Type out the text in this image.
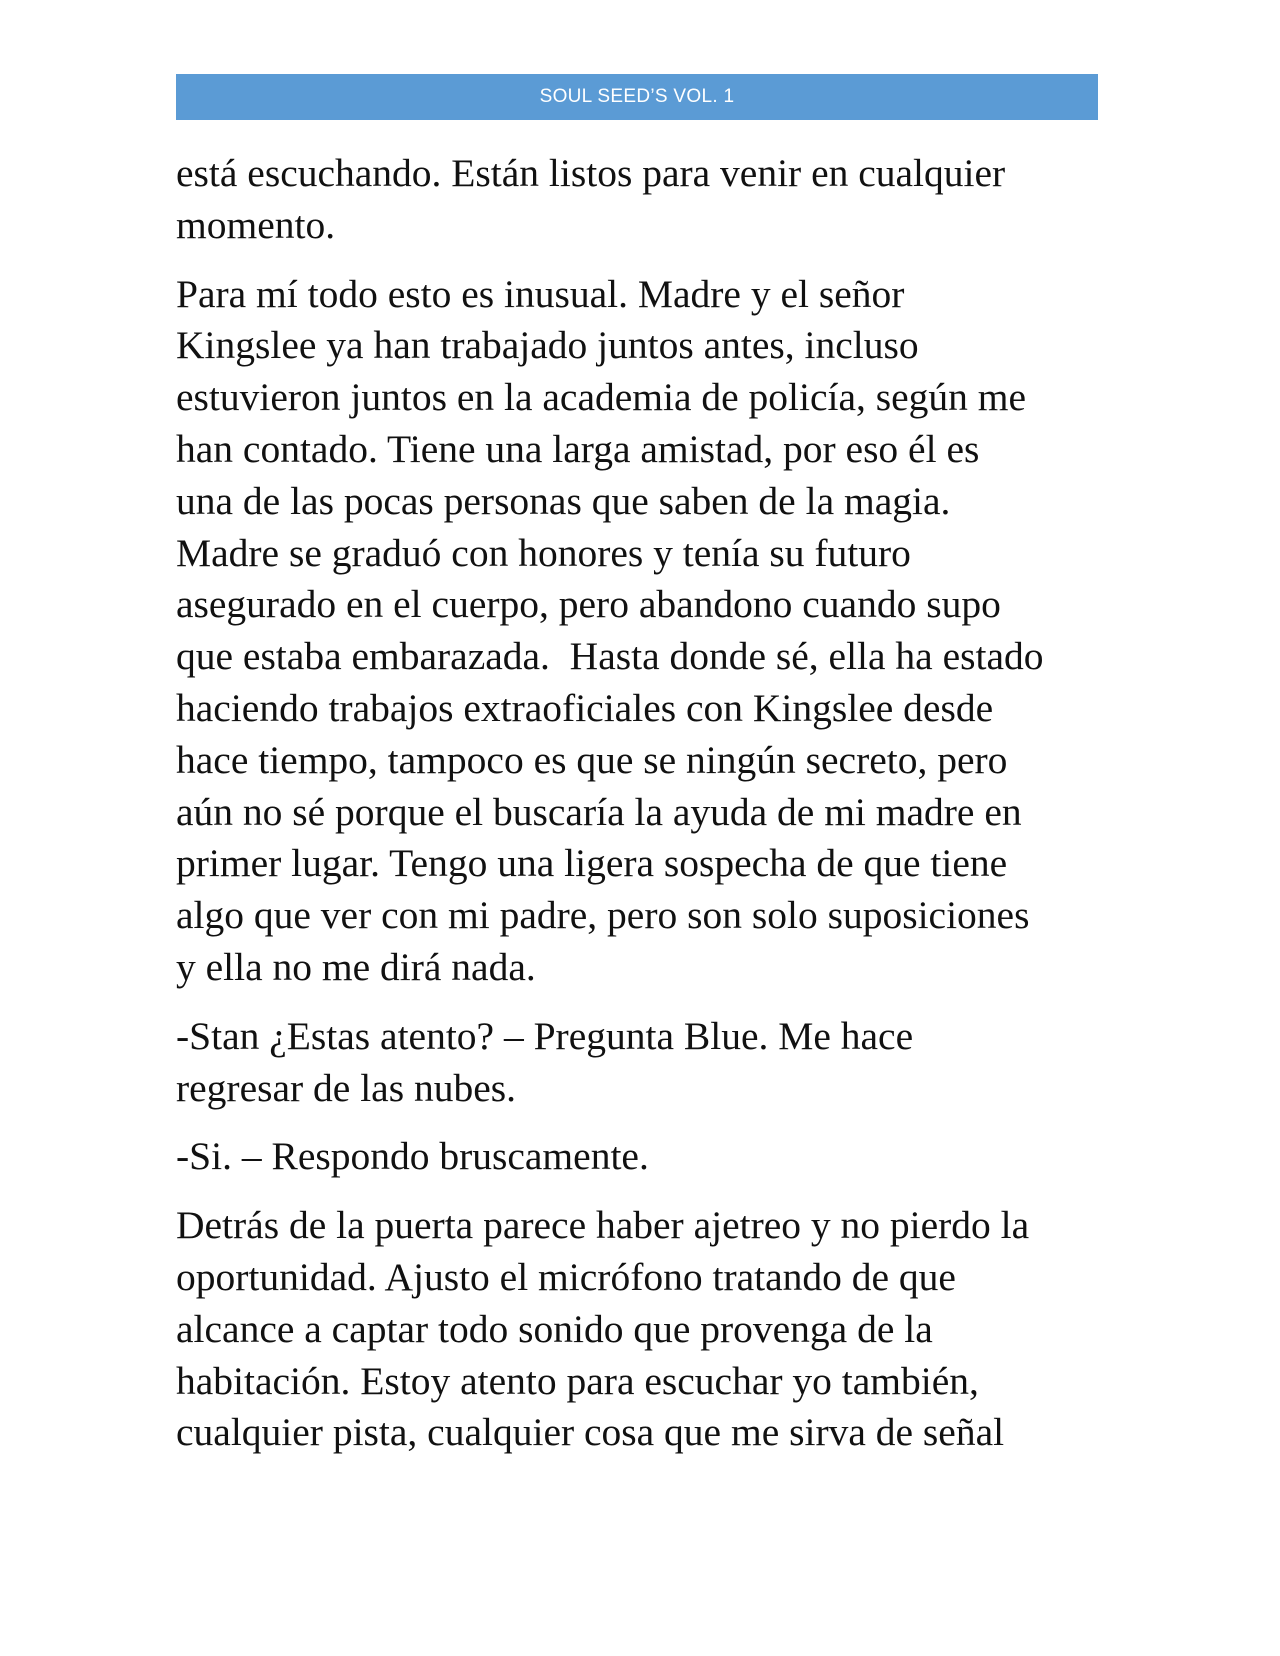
SOUL SEED’S VOL. 1

está escuchando. Están listos para venir en cualquier
momento.

Para mí todo esto es inusual. Madre y el señor
Kingslee ya han trabajado juntos antes, incluso
estuvieron juntos en la academia de policía, según me
han contado. Tiene una larga amistad, por eso él es
una de las pocas personas que saben de la magia.
Madre se graduó con honores y tenía su futuro
asegurado en el cuerpo, pero abandono cuando supo
que estaba embarazada.  Hasta donde sé, ella ha estado
haciendo trabajos extraoficiales con Kingslee desde
hace tiempo, tampoco es que se ningún secreto, pero
aún no sé porque el buscaría la ayuda de mi madre en
primer lugar. Tengo una ligera sospecha de que tiene
algo que ver con mi padre, pero son solo suposiciones
y ella no me dirá nada.

-Stan ¿Estas atento? – Pregunta Blue. Me hace
regresar de las nubes.

-Si. – Respondo bruscamente.

Detrás de la puerta parece haber ajetreo y no pierdo la
oportunidad. Ajusto el micrófono tratando de que
alcance a captar todo sonido que provenga de la
habitación. Estoy atento para escuchar yo también,
cualquier pista, cualquier cosa que me sirva de señal
